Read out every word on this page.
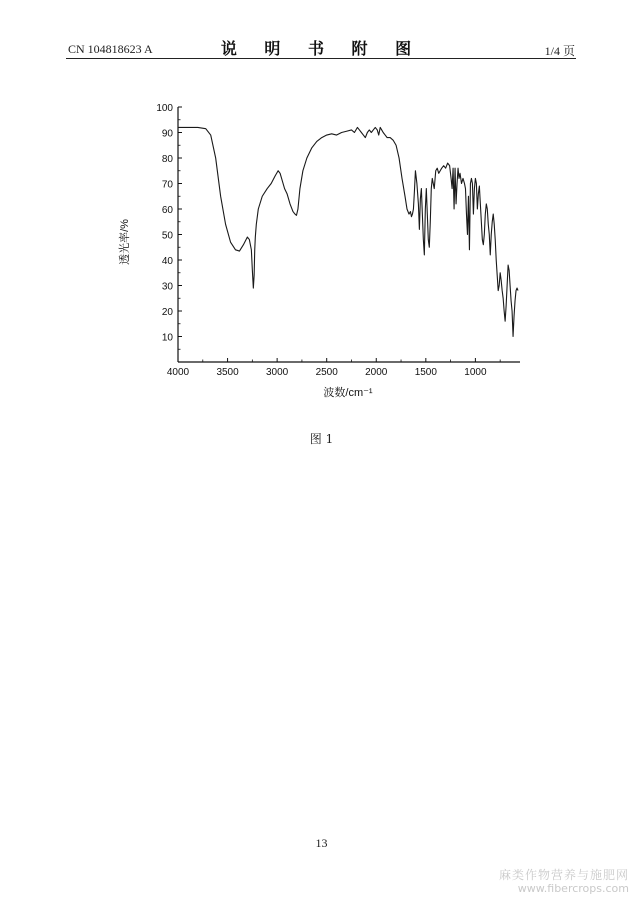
CN 104818623 A	说 明 书 附 图	1/4 页
10
20
30
40
50
60
70
80
90
100
4000	3500	3000	2500	2000	1500	1000
透光率/%
波数/cm⁻¹
图 1
13
麻类作物营养与施肥网
www.fibercrops.com
